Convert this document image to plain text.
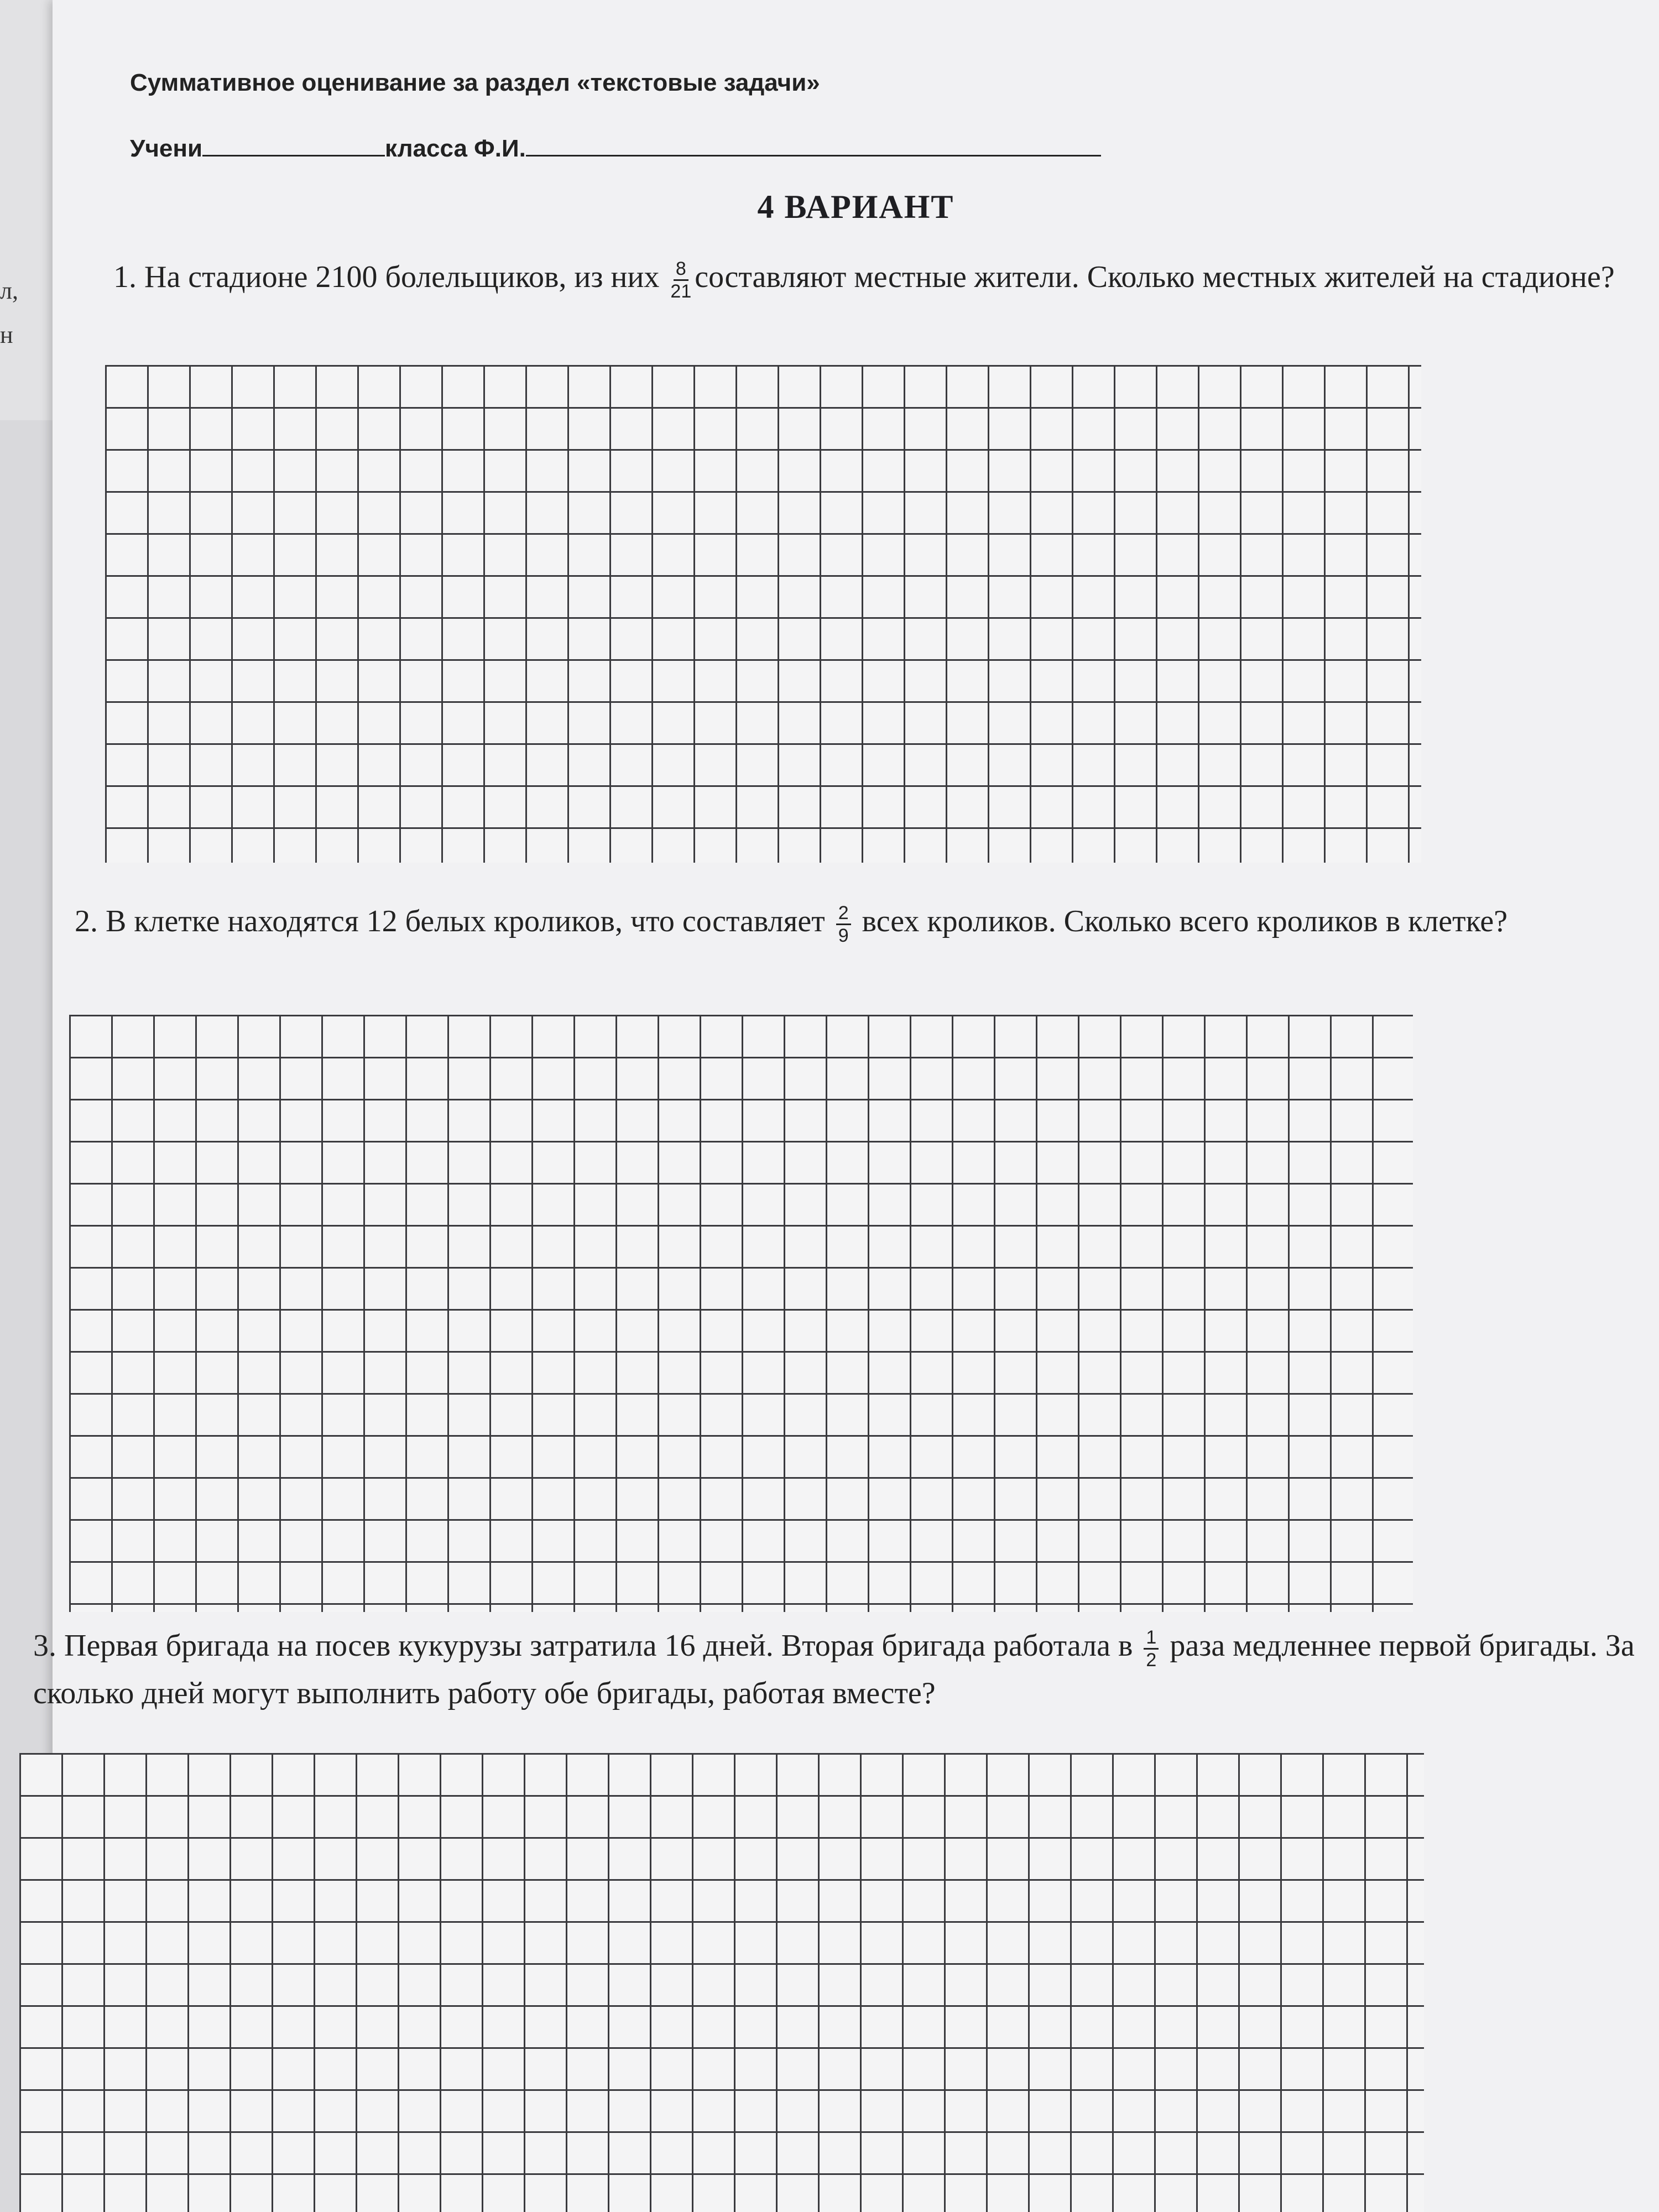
л,
н
Суммативное оценивание за раздел «текстовые задачи»
Учени	класса Ф.И.
4 ВАРИАНТ
1. На стадионе 2100 болельщиков, из них $\frac{8}{21}$ составляют местные жители. Сколько местных жителей на стадионе?
2. В клетке находятся 12 белых кроликов, что составляет $\frac{2}{9}$ всех кроликов. Сколько всего кроликов в клетке?
3. Первая бригада на посев кукурузы затратила 16 дней. Вторая бригада работала в $\frac{1}{2}$ раза медленнее первой бригады. За сколько дней могут выполнить работу обе бригады, работая вместе?
